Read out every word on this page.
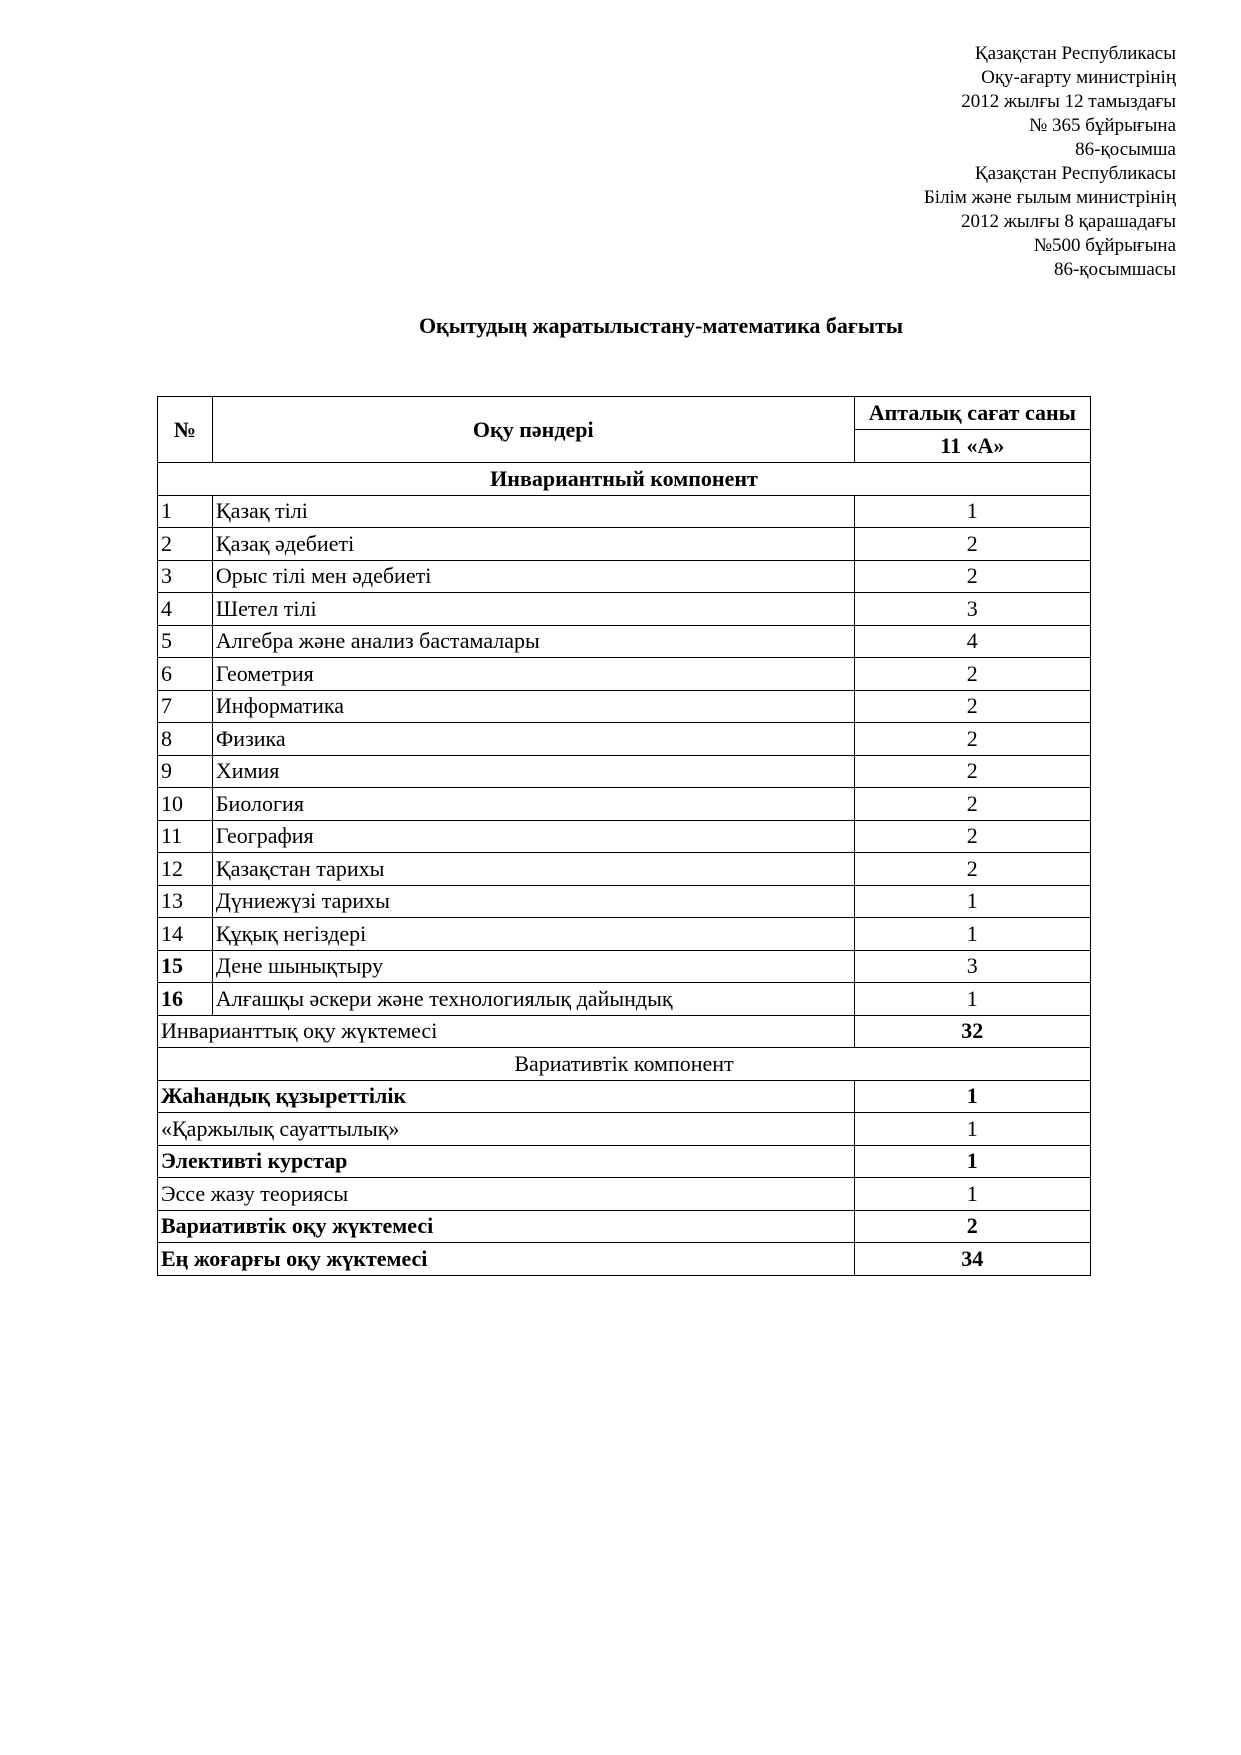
Қазақстан Республикасы
Оқу-ағарту министрінің
2012 жылғы 12 тамыздағы
№ 365 бұйрығына
86-қосымша
Қазақстан Республикасы
Білім және ғылым министрінің
2012 жылғы 8 қарашадағы
№500 бұйрығына
86-қосымшасы
Оқытудың жаратылыстану-математика бағыты
№	Оқу пәндері	Апталық сағат саны
		11 «А»
Инвариантный компонент		
1	Қазақ тілі	1
2	Қазақ әдебиеті	2
3	Орыс тілі мен әдебиеті	2
4	Шетел тілі	3
5	Алгебра және анализ бастамалары	4
6	Геометрия	2
7	Информатика	2
8	Физика	2
9	Химия	2
10	Биология	2
11	География	2
12	Қазақстан тарихы	2
13	Дүниежүзі тарихы	1
14	Құқық негіздері	1
15	Дене шынықтыру	3
16	Алғашқы әскери және технологиялық дайындық	1
Инварианттық оқу жүктемесі		32
Вариативтік компонент		
Жаһандық құзыреттілік		1
«Қаржылық сауаттылық»		1
Элективті курстар		1
Эссе жазу теориясы		1
Вариативтік оқу жүктемесі		2
Ең жоғарғы оқу жүктемесі		34
